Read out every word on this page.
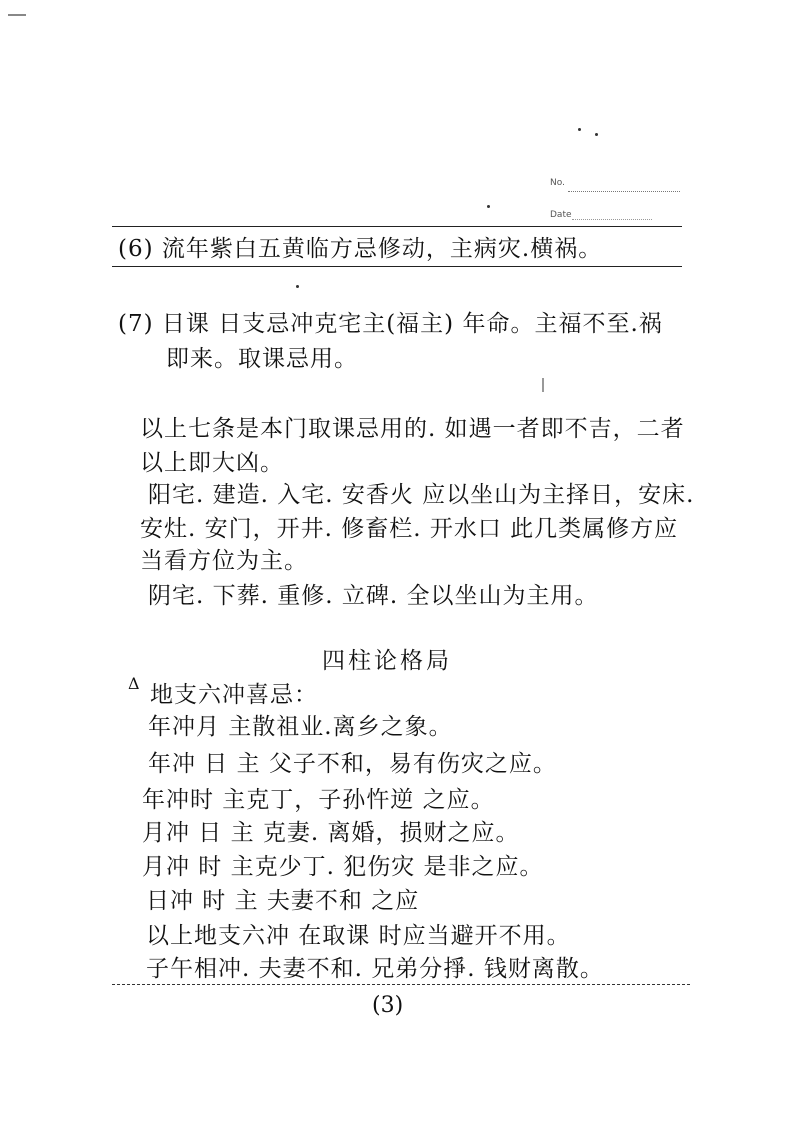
No.
Date
(6) 流年紫白五黄临方忌修动，主病灾.横祸。
(7) 日课 日支忌冲克宅主(福主) 年命。主福不至.祸
即来。取课忌用。
以上七条是本门取课忌用的. 如遇一者即不吉，二者
以上即大凶。
阳宅. 建造. 入宅. 安香火 应以坐山为主择日，安床.
安灶. 安门，开井. 修畜栏. 开水口 此几类属修方应
当看方位为主。
阴宅. 下葬. 重修. 立碑. 全以坐山为主用。
四柱论格局
Δ 地支六冲喜忌：
年冲月 主散祖业.离乡之象。
年冲 日 主 父子不和，易有伤灾之应。
年冲时 主克丁，子孙忤逆 之应。
月冲 日 主 克妻. 离婚，损财之应。
月冲 时 主克少丁. 犯伤灾 是非之应。
日冲 时 主 夫妻不和 之应
以上地支六冲 在取课 时应当避开不用。
子午相冲. 夫妻不和. 兄弟分掙. 钱财离散。
(3)
